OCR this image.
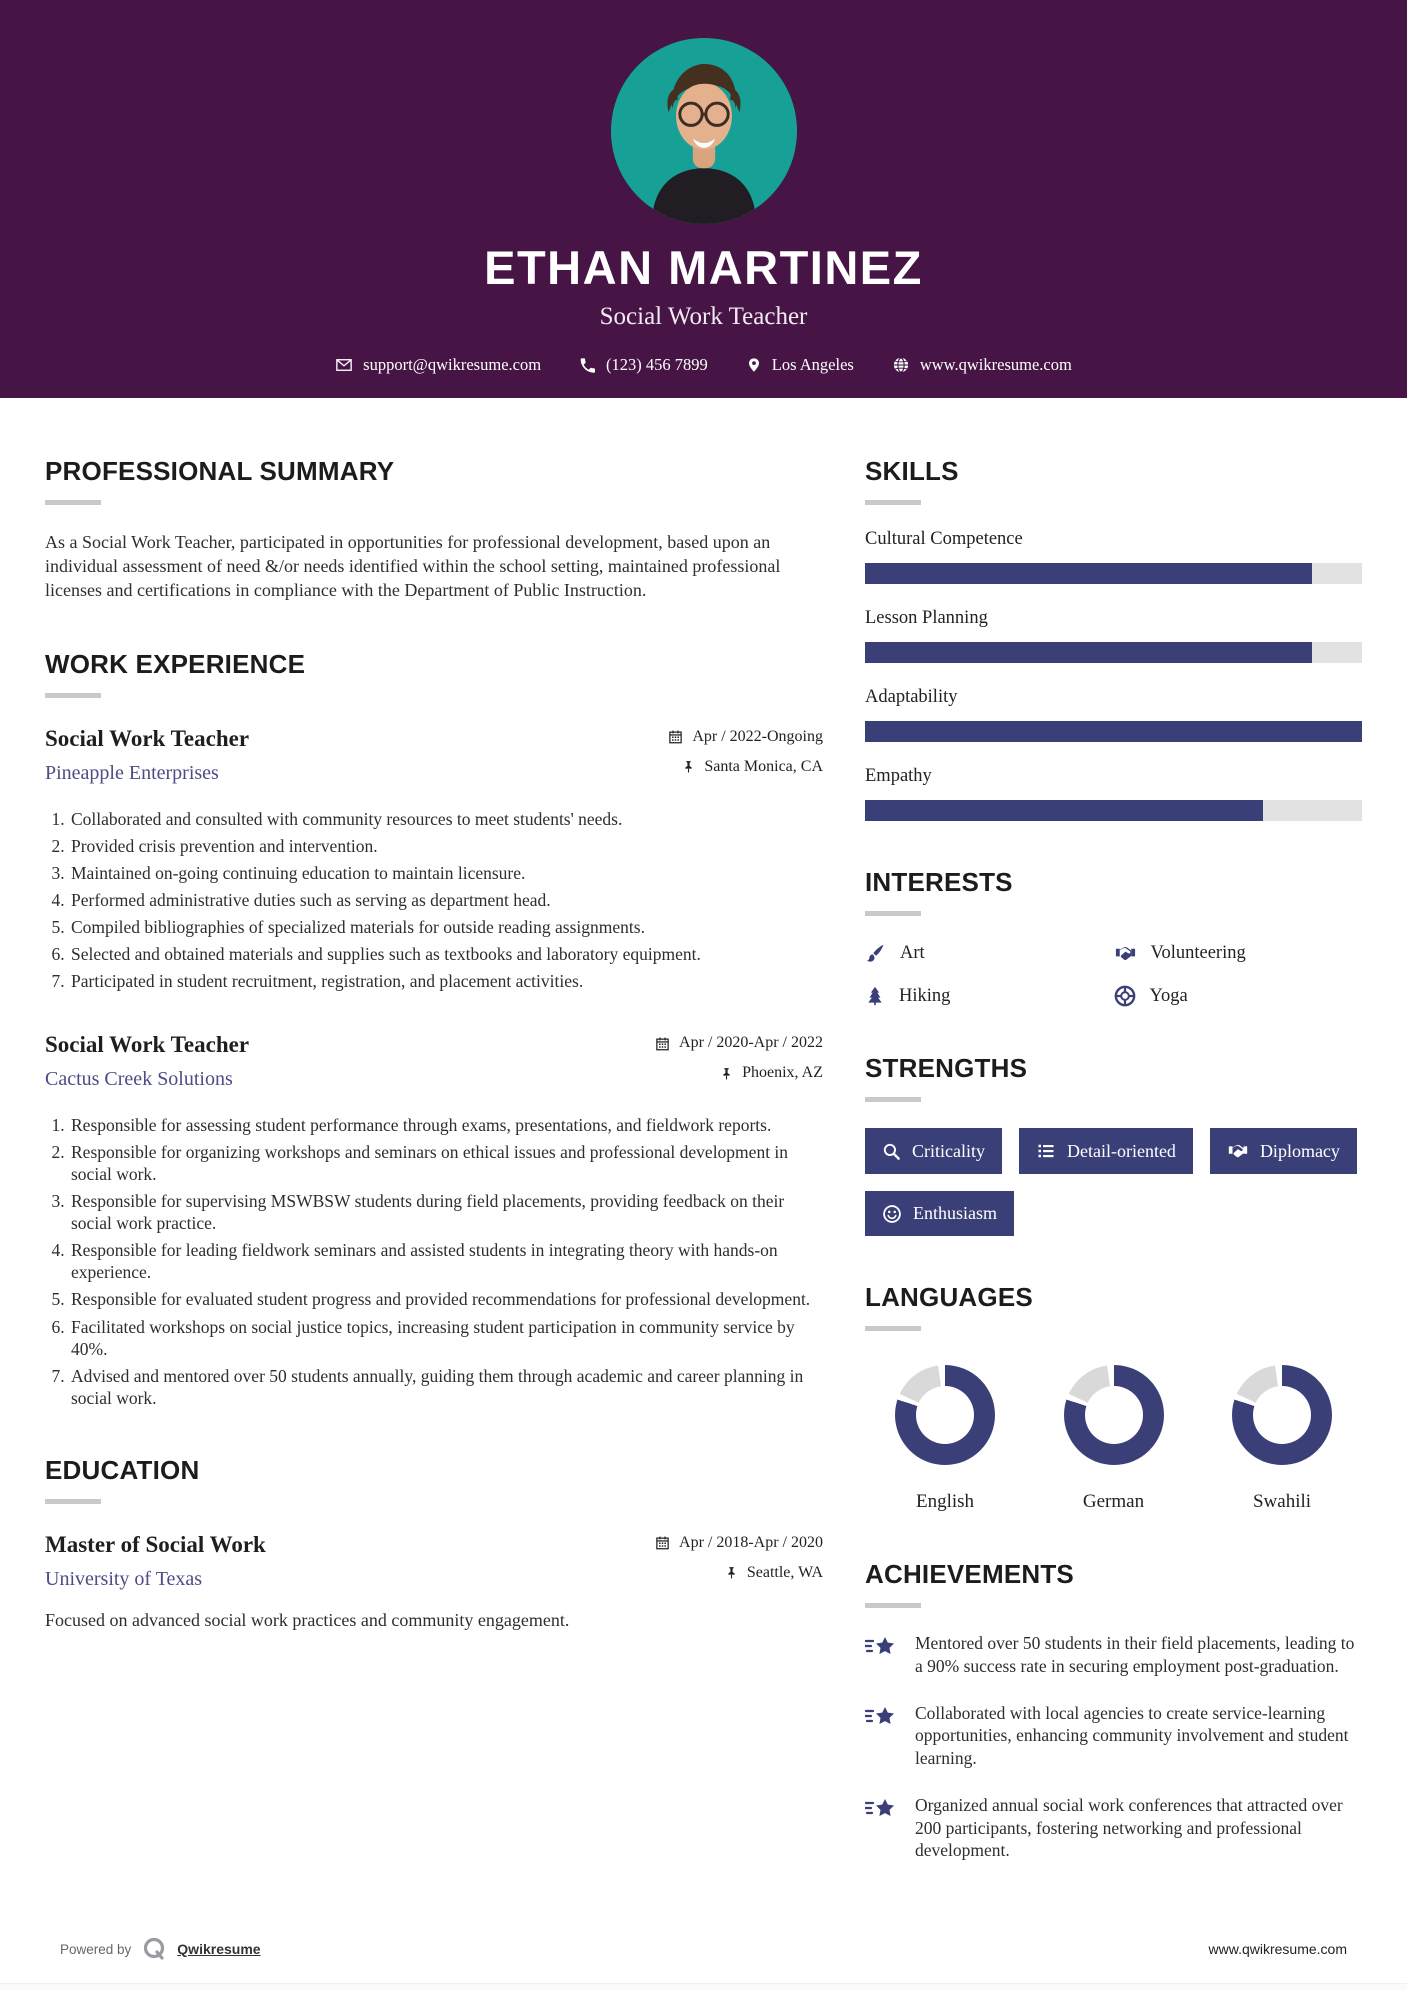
ETHAN MARTINEZ
Social Work Teacher
support@qwikresume.com	(123) 456 7899	Los Angeles	www.qwikresume.com
PROFESSIONAL SUMMARY

As a Social Work Teacher, participated in opportunities for professional development, based upon an individual assessment of need &/or needs identified within the school setting, maintained professional licenses and certifications in compliance with the Department of Public Instruction.

WORK EXPERIENCE
Social Work Teacher
Pineapple Enterprises
Apr / 2022-Ongoing
Santa Monica, CA
1. Collaborated and consulted with community resources to meet students' needs.
2. Provided crisis prevention and intervention.
3. Maintained on-going continuing education to maintain licensure.
4. Performed administrative duties such as serving as department head.
5. Compiled bibliographies of specialized materials for outside reading assignments.
6. Selected and obtained materials and supplies such as textbooks and laboratory equipment.
7. Participated in student recruitment, registration, and placement activities.
Social Work Teacher
Cactus Creek Solutions
Apr / 2020-Apr / 2022
Phoenix, AZ
1. Responsible for assessing student performance through exams, presentations, and fieldwork reports.
2. Responsible for organizing workshops and seminars on ethical issues and professional development in social work.
3. Responsible for supervising MSWBSW students during field placements, providing feedback on their social work practice.
4. Responsible for leading fieldwork seminars and assisted students in integrating theory with hands-on experience.
5. Responsible for evaluated student progress and provided recommendations for professional development.
6. Facilitated workshops on social justice topics, increasing student participation in community service by 40%.
7. Advised and mentored over 50 students annually, guiding them through academic and career planning in social work.
EDUCATION
Master of Social Work
University of Texas
Apr / 2018-Apr / 2020
Seattle, WA

Focused on advanced social work practices and community engagement.

SKILLS
Cultural Competence
Lesson Planning
Adaptability
Empathy
INTERESTS
Art	Volunteering
Hiking	Yoga
STRENGTHS
Criticality	Detail-oriented	Diplomacy
Enthusiasm
LANGUAGES
English	German	Swahili
ACHIEVEMENTS
Mentored over 50 students in their field placements, leading to a 90% success rate in securing employment post-graduation.
Collaborated with local agencies to create service-learning opportunities, enhancing community involvement and student learning.
Organized annual social work conferences that attracted over 200 participants, fostering networking and professional development.
Powered by	Qwikresume	www.qwikresume.com
